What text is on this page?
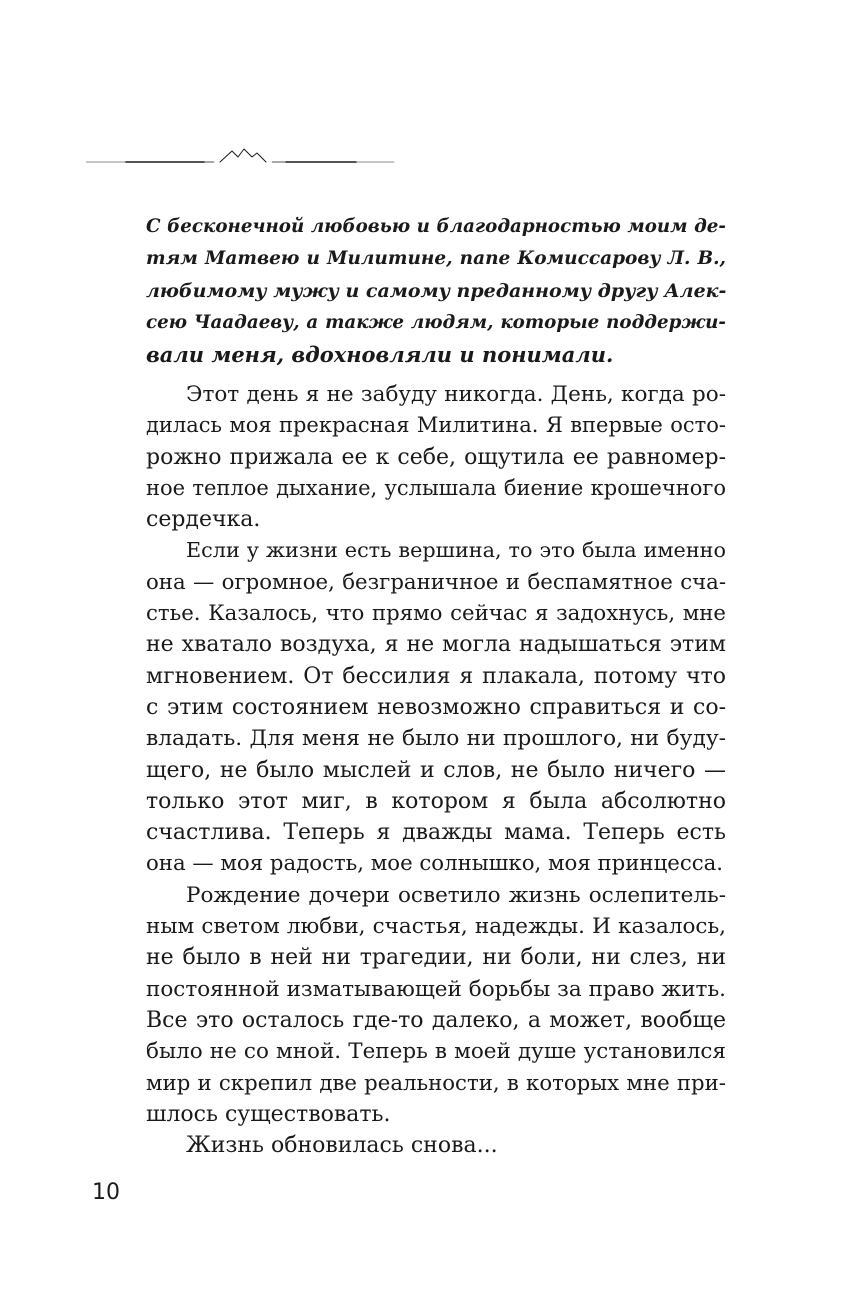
С бесконечной любовью и благодарностью моим де-
тям Матвею и Милитине, папе Комиссарову Л. В.,
любимому мужу и самому преданному другу Алек-
сею Чаадаеву, а также людям, которые поддержи-
вали меня, вдохновляли и понимали.

Этот день я не забуду никогда. День, когда ро-
дилась моя прекрасная Милитина. Я впервые осто-
рожно прижала ее к себе, ощутила ее равномер-
ное теплое дыхание, услышала биение крошечного
сердечка.

Если у жизни есть вершина, то это была именно
она — огромное, безграничное и беспамятное сча-
стье. Казалось, что прямо сейчас я задохнусь, мне
не хватало воздуха, я не могла надышаться этим
мгновением. От бессилия я плакала, потому что
с этим состоянием невозможно справиться и со-
владать. Для меня не было ни прошлого, ни буду-
щего, не было мыслей и слов, не было ничего —
только этот миг, в котором я была абсолютно
счастлива. Теперь я дважды мама. Теперь есть
она — моя радость, мое солнышко, моя принцесса.

Рождение дочери осветило жизнь ослепитель-
ным светом любви, счастья, надежды. И казалось,
не было в ней ни трагедии, ни боли, ни слез, ни
постоянной изматывающей борьбы за право жить.
Все это осталось где-то далеко, а может, вообще
было не со мной. Теперь в моей душе установился
мир и скрепил две реальности, в которых мне при-
шлось существовать.

Жизнь обновилась снова...

10
